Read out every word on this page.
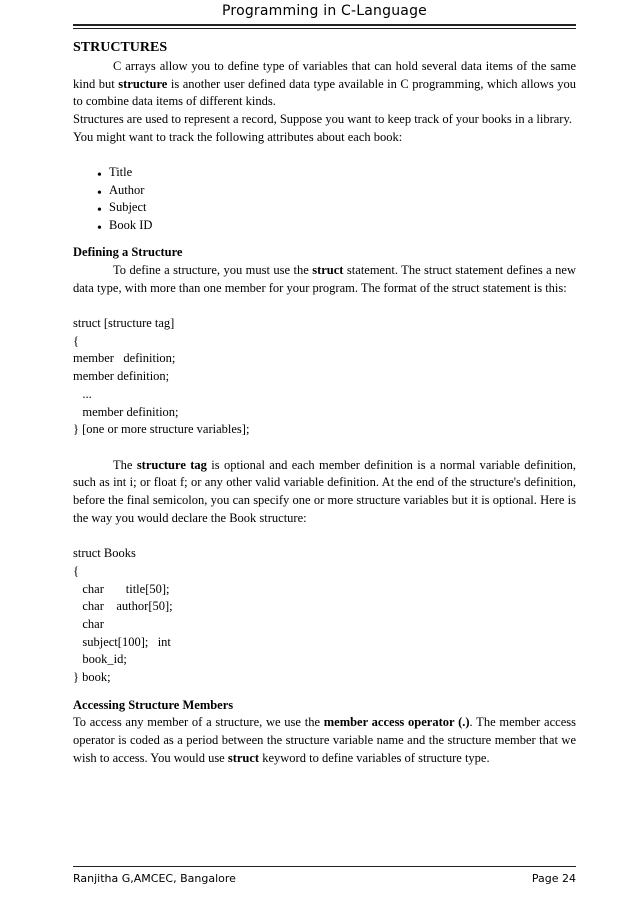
Programming in C-Language

STRUCTURES

C arrays allow you to define type of variables that can hold several data items of the same kind but structure is another user defined data type available in C programming, which allows you to combine data items of different kinds.

Structures are used to represent a record, Suppose you want to keep track of your books in a library. You might want to track the following attributes about each book:

• Title
• Author
• Subject
• Book ID

Defining a Structure

To define a structure, you must use the struct statement. The struct statement defines a new data type, with more than one member for your program. The format of the struct statement is this:

struct [structure tag]
{
member   definition;
member definition;
...
member definition;
} [one or more structure variables];

The structure tag is optional and each member definition is a normal variable definition, such as int i; or float f; or any other valid variable definition. At the end of the structure's definition, before the final semicolon, you can specify one or more structure variables but it is optional. Here is the way you would declare the Book structure:

struct Books
{
char       title[50];
char    author[50];
char
subject[100];   int
book_id;
} book;

Accessing Structure Members

To access any member of a structure, we use the member access operator (.). The member access operator is coded as a period between the structure variable name and the structure member that we wish to access. You would use struct keyword to define variables of structure type.

Ranjitha G,AMCEC, Bangalore	Page 24
